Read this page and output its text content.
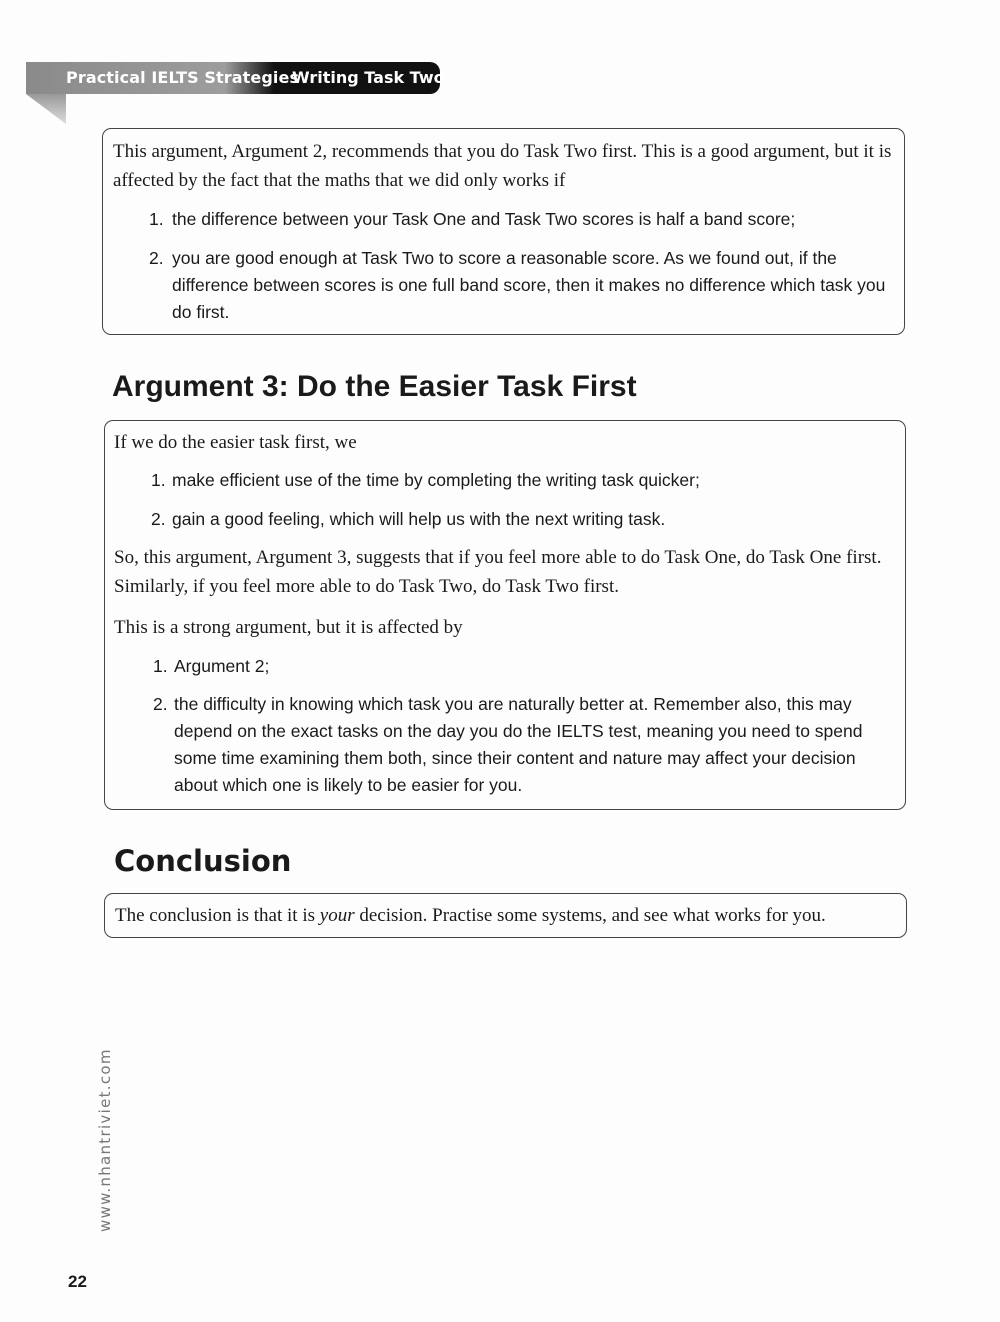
Practical IELTS Strategies
Writing Task Two

This argument, Argument 2, recommends that you do Task Two first. This is a good argument, but it is affected by the fact that the maths that we did only works if

1. the difference between your Task One and Task Two scores is half a band score;
2. you are good enough at Task Two to score a reasonable score. As we found out, if the difference between scores is one full band score, then it makes no difference which task you do first.
Argument 3: Do the Easier Task First

If we do the easier task first, we

1. make efficient use of the time by completing the writing task quicker;
2. gain a good feeling, which will help us with the next writing task.

So, this argument, Argument 3, suggests that if you feel more able to do Task One, do Task One first. Similarly, if you feel more able to do Task Two, do Task Two first.

This is a strong argument, but it is affected by

1. Argument 2;
2. the difficulty in knowing which task you are naturally better at. Remember also, this may depend on the exact tasks on the day you do the IELTS test, meaning you need to spend some time examining them both, since their content and nature may affect your decision about which one is likely to be easier for you.
Conclusion

The conclusion is that it is your decision. Practise some systems, and see what works for you.

www.nhantriviet.com
22
